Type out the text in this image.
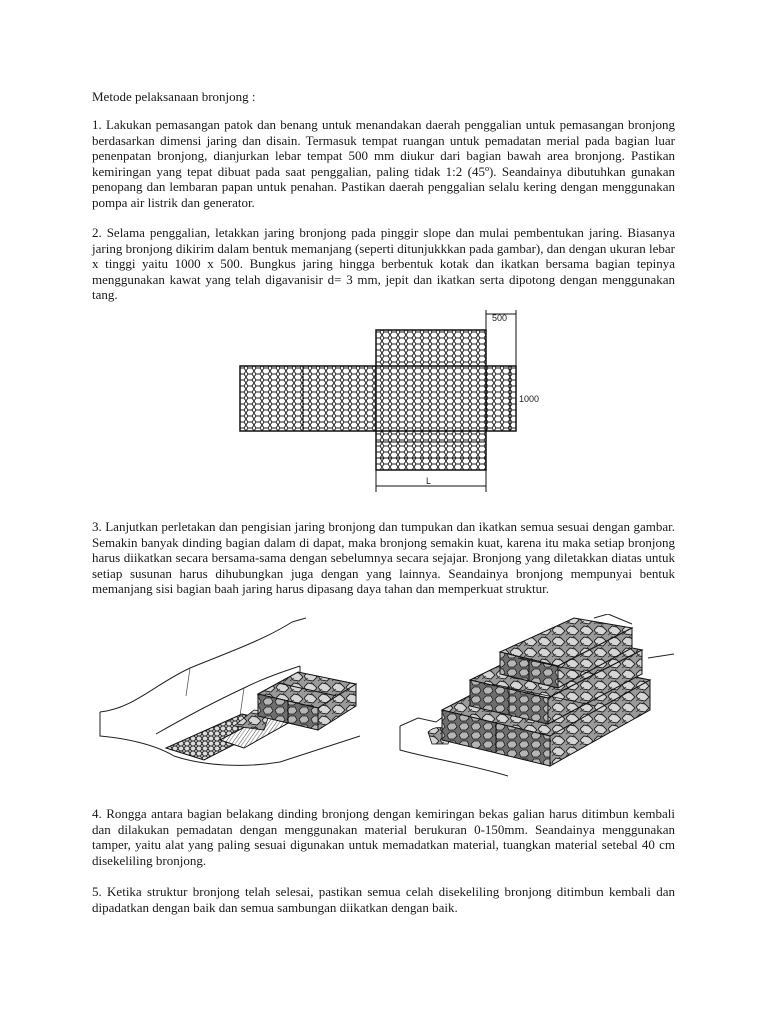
Metode pelaksanaan bronjong :

1. Lakukan pemasangan patok dan benang untuk menandakan daerah penggalian untuk pemasangan bronjong berdasarkan dimensi jaring dan disain. Termasuk tempat ruangan untuk pemadatan merial pada bagian luar penenpatan bronjong, dianjurkan lebar tempat 500 mm diukur dari bagian bawah area bronjong. Pastikan kemiringan yang tepat dibuat pada saat penggalian, paling tidak 1:2 (45º). Seandainya dibutuhkan gunakan penopang dan lembaran papan untuk penahan. Pastikan daerah penggalian selalu kering dengan menggunakan pompa air listrik dan generator.

2. Selama penggalian, letakkan jaring bronjong pada pinggir slope dan mulai pembentukan jaring. Biasanya jaring bronjong dikirim dalam bentuk memanjang (seperti ditunjukkkan pada gambar), dan dengan ukuran lebar x tinggi yaitu 1000 x 500. Bungkus jaring hingga berbentuk kotak dan ikatkan bersama bagian tepinya menggunakan kawat yang telah digavanisir d= 3 mm, jepit dan ikatkan serta dipotong dengan menggunakan tang.

500
1000
L

3. Lanjutkan perletakan dan pengisian jaring bronjong dan tumpukan dan ikatkan semua sesuai dengan gambar. Semakin banyak dinding bagian dalam di dapat, maka bronjong semakin kuat, karena itu maka setiap bronjong harus diikatkan secara bersama-sama dengan sebelumnya secara sejajar. Bronjong yang diletakkan diatas untuk setiap susunan harus dihubungkan juga dengan yang lainnya. Seandainya bronjong mempunyai bentuk memanjang sisi bagian baah jaring harus dipasang daya tahan dan memperkuat struktur.

4. Rongga antara bagian belakang dinding bronjong dengan kemiringan bekas galian harus ditimbun kembali dan dilakukan pemadatan dengan menggunakan material berukuran 0-150mm. Seandainya menggunakan tamper, yaitu alat yang paling sesuai digunakan untuk memadatkan material, tuangkan material setebal 40 cm disekeliling bronjong.

5. Ketika struktur bronjong telah selesai, pastikan semua celah disekeliling bronjong ditimbun kembali dan dipadatkan dengan baik dan semua sambungan diikatkan dengan baik.
